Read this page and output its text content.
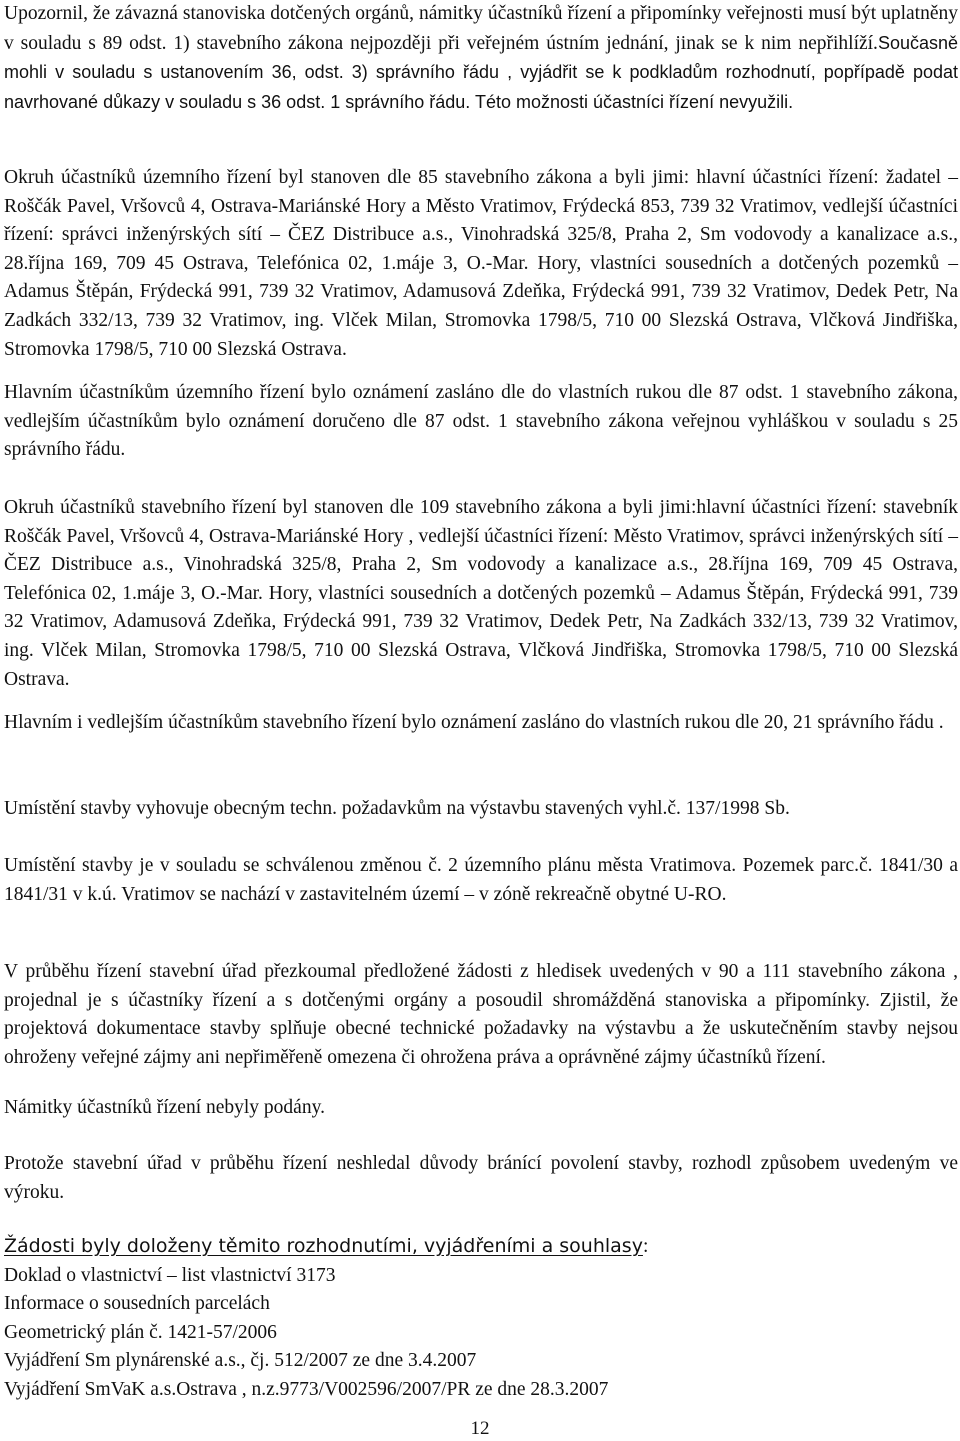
Upozornil, že závazná stanoviska dotčených orgánů, námitky účastníků řízení a připomínky veřejnosti musí být uplatněny v souladu s 89 odst. 1) stavebního zákona nejpozději při veřejném ústním jednání, jinak se k nim nepřihlíží.Současně mohli v souladu s ustanovením 36, odst. 3) správního řádu , vyjádřit se k podkladům rozhodnutí, popřípadě podat navrhované důkazy v souladu s 36 odst. 1 správního řádu. Této možnosti účastníci řízení nevyužili.

Okruh účastníků územního řízení byl stanoven dle 85 stavebního zákona a byli jimi: hlavní účastníci řízení: žadatel – Roščák Pavel, Vršovců 4, Ostrava-Mariánské Hory a Město Vratimov, Frýdecká 853, 739 32 Vratimov, vedlejší účastníci řízení: správci inženýrských sítí – ČEZ Distribuce a.s., Vinohradská 325/8, Praha 2, Sm vodovody a kanalizace a.s., 28.října 169, 709 45 Ostrava, Telefónica 02, 1.máje 3, O.-Mar. Hory, vlastníci sousedních a dotčených pozemků – Adamus Štěpán, Frýdecká 991, 739 32 Vratimov, Adamusová Zdeňka, Frýdecká 991, 739 32 Vratimov, Dedek Petr, Na Zadkách 332/13, 739 32 Vratimov, ing. Vlček Milan, Stromovka 1798/5, 710 00 Slezská Ostrava, Vlčková Jindřiška, Stromovka 1798/5, 710 00 Slezská Ostrava.

Hlavním účastníkům územního řízení bylo oznámení zasláno dle do vlastních rukou dle 87 odst. 1 stavebního zákona, vedlejším účastníkům bylo oznámení doručeno dle 87 odst. 1 stavebního zákona veřejnou vyhláškou v souladu s 25 správního řádu.

Okruh účastníků stavebního řízení byl stanoven dle 109 stavebního zákona a byli jimi:hlavní účastníci řízení: stavebník Roščák Pavel, Vršovců 4, Ostrava-Mariánské Hory , vedlejší účastníci řízení: Město Vratimov, správci inženýrských sítí – ČEZ Distribuce a.s., Vinohradská 325/8, Praha 2, Sm vodovody a kanalizace a.s., 28.října 169, 709 45 Ostrava, Telefónica 02, 1.máje 3, O.-Mar. Hory, vlastníci sousedních a dotčených pozemků – Adamus Štěpán, Frýdecká 991, 739 32 Vratimov, Adamusová Zdeňka, Frýdecká 991, 739 32 Vratimov, Dedek Petr, Na Zadkách 332/13, 739 32 Vratimov, ing. Vlček Milan, Stromovka 1798/5, 710 00 Slezská Ostrava, Vlčková Jindřiška, Stromovka 1798/5, 710 00 Slezská Ostrava.

Hlavním i vedlejším účastníkům stavebního řízení bylo oznámení zasláno do vlastních rukou dle 20, 21 správního řádu .

Umístění stavby vyhovuje obecným techn. požadavkům na výstavbu stavených vyhl.č. 137/1998 Sb.

Umístění stavby je v souladu se schválenou změnou č. 2 územního plánu města Vratimova. Pozemek parc.č. 1841/30 a 1841/31 v k.ú. Vratimov se nachází v zastavitelném území – v zóně rekreačně obytné U-RO.

V průběhu řízení stavební úřad přezkoumal předložené žádosti z hledisek uvedených v 90 a 111 stavebního zákona , projednal je s účastníky řízení a s dotčenými orgány a posoudil shromážděná stanoviska a připomínky. Zjistil, že projektová dokumentace stavby splňuje obecné technické požadavky na výstavbu a že uskutečněním stavby nejsou ohroženy veřejné zájmy ani nepřiměřeně omezena či ohrožena práva a oprávněné zájmy účastníků řízení.

Námitky účastníků řízení nebyly podány.

Protože stavební úřad v průběhu řízení neshledal důvody bránící povolení stavby, rozhodl způsobem uvedeným ve výroku.

Žádosti byly doloženy těmito rozhodnutími, vyjádřeními a souhlasy:
Doklad o vlastnictví – list vlastnictví 3173
Informace o sousedních parcelách
Geometrický plán č. 1421-57/2006
Vyjádření Sm plynárenské a.s., čj. 512/2007 ze dne 3.4.2007
Vyjádření SmVaK a.s.Ostrava , n.z.9773/V002596/2007/PR ze dne 28.3.2007
12
